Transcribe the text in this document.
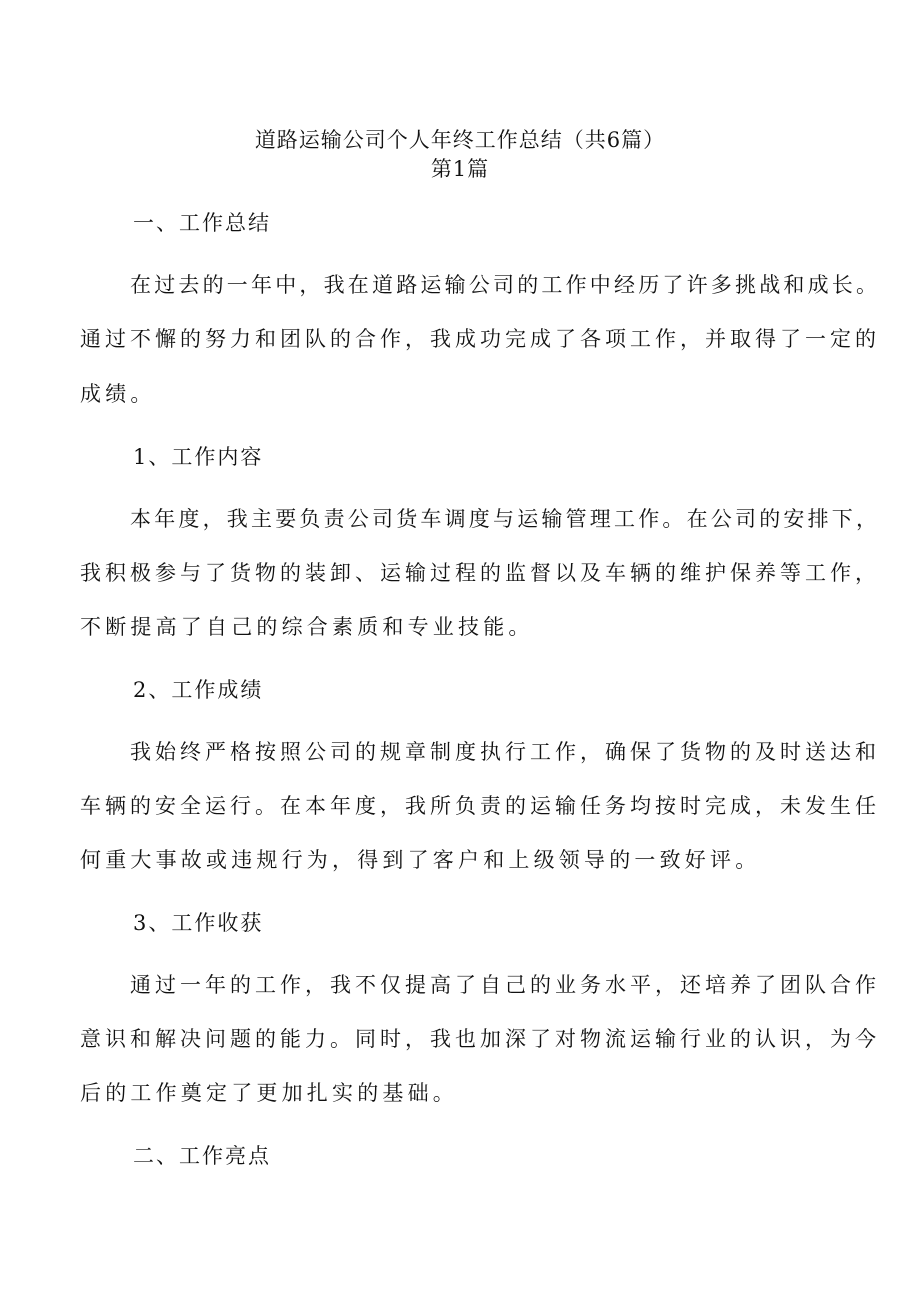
道路运输公司个人年终工作总结（共6篇）
第1篇
一、工作总结
在过去的一年中，我在道路运输公司的工作中经历了许多挑战和成长。
通过不懈的努力和团队的合作，我成功完成了各项工作，并取得了一定的
成绩。
1、工作内容
本年度，我主要负责公司货车调度与运输管理工作。在公司的安排下，
我积极参与了货物的装卸、运输过程的监督以及车辆的维护保养等工作，
不断提高了自己的综合素质和专业技能。
2、工作成绩
我始终严格按照公司的规章制度执行工作，确保了货物的及时送达和
车辆的安全运行。在本年度，我所负责的运输任务均按时完成，未发生任
何重大事故或违规行为，得到了客户和上级领导的一致好评。
3、工作收获
通过一年的工作，我不仅提高了自己的业务水平，还培养了团队合作
意识和解决问题的能力。同时，我也加深了对物流运输行业的认识，为今
后的工作奠定了更加扎实的基础。
二、工作亮点
